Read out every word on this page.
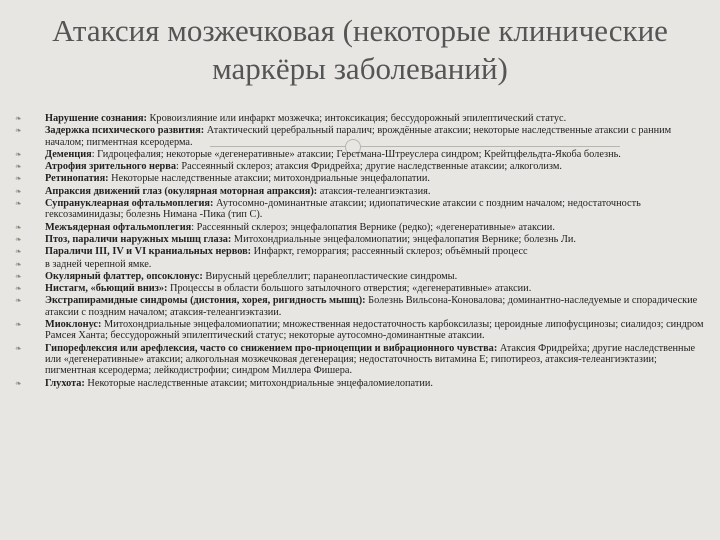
Атаксия мозжечковая (некоторые клинические маркёры заболеваний)
❧ Нарушение сознания: Кровоизлияние или инфаркт мозжечка; интоксикация; бессудорожный эпилептический статус.
❧ Задержка психического развития: Атактический церебральный паралич; врождённые атаксии; некоторые наследственные атаксии с ранним началом; пигментная ксеродерма.
❧ Деменция: Гидроцефалия; некоторые «дегенеративные» атаксии; Герстмана-Штреуслера синдром; Крейтцфельдта-Якоба болезнь.
❧ Атрофия зрительного нерва: Рассеянный склероз; атаксия Фридрейха; другие наследственные атаксии; алкоголизм.
❧ Ретинопатия: Некоторые наследственные атаксии; митохондриальные энцефалопатии.
❧ Апраксия движений глаз (окулярная моторная апраксия): атаксия-телеангиэктазия.
❧ Супрануклеарная офтальмоплегия: Аутосомно-доминантные атаксии; идиопатические атаксии с поздним началом; недостаточность гексозаминидазы; болезнь Нимана -Пика (тип С).
❧ Межъядерная офтальмоплегия: Рассеянный склероз; энцефалопатия Вернике (редко); «дегенеративные» атаксии.
❧ Птоз, параличи наружных мышц глаза: Митохондриальные энцефаломиопатии; энцефалопатия Вернике; болезнь Ли.
❧ Параличи III, IV и VI краниальных нервов: Инфаркт, геморрагия; рассеянный склероз; объёмный процесс
❧ в задней черепной ямке.
❧ Окулярный флаттер, опсоклонус: Вирусный цереблеллит; паранеопластические синдромы.
❧ Нистагм, «бьющий вниз»: Процессы в области большого затылочного отверстия; «дегенеративные» атаксии.
❧ Экстрапирамидные синдромы (дистония, хорея, ригидность мышц): Болезнь Вильсона-Коновалова; доминантно-наследуемые и спорадические атаксии с поздним началом; атаксия-телеангиэктазии.
❧ Миоклонус: Митохондриальные энцефаломиопатии; множественная недостаточность карбоксилазы; цероидные липофусцинозы; сиалидоз; синдром Рамсея Ханта; бессудорожный эпилептический статус; некоторые аутосомно-доминантные атаксии.
❧ Гипорефлексия или арефлексия, часто со снижением про-приоцепции и вибрационного чувства: Атаксия Фридрейха; другие наследственные или «дегенеративные» атаксии; алкогольная мозжечковая дегенерация; недостаточность витамина Е; гипотиреоз, атаксия-телеангиэктазии; пигментная ксеродерма; лейкодистрофии; синдром Миллера Фишера.
❧ Глухота: Некоторые наследственные атаксии; митохондриальные энцефаломиелопатии.
